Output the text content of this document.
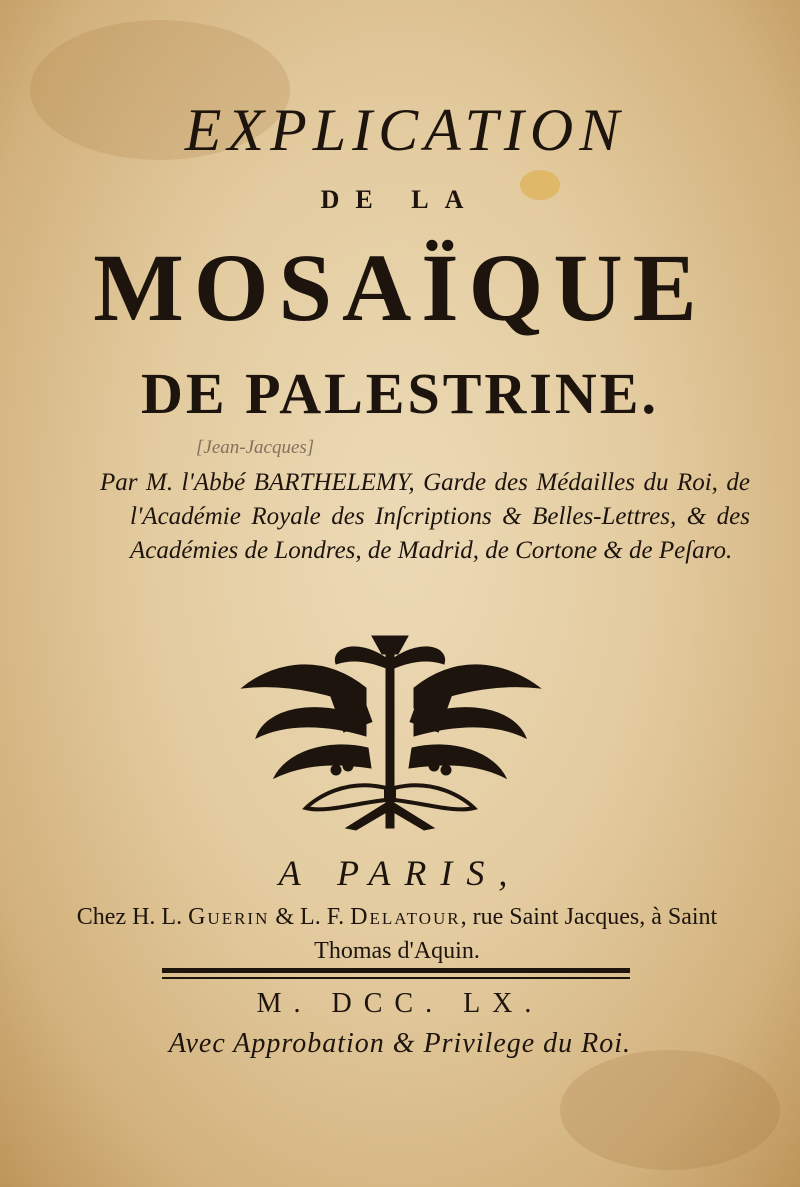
EXPLICATION
DE LA
MOSAÏQUE
DE PALESTRINE.
[Jean-Jacques]
Par M. l'Abbé BARTHELEMY, Garde des Médailles du Roi, de l'Académie Royale des Inſcriptions & Belles-Lettres, & des Académies de Londres, de Madrid, de Cortone & de Peſaro.
A PARIS,
Chez H. L. Guerin & L. F. Delatour, rue Saint Jacques, à Saint Thomas d'Aquin.
M. DCC. LX.
Avec Approbation & Privilege du Roi.
